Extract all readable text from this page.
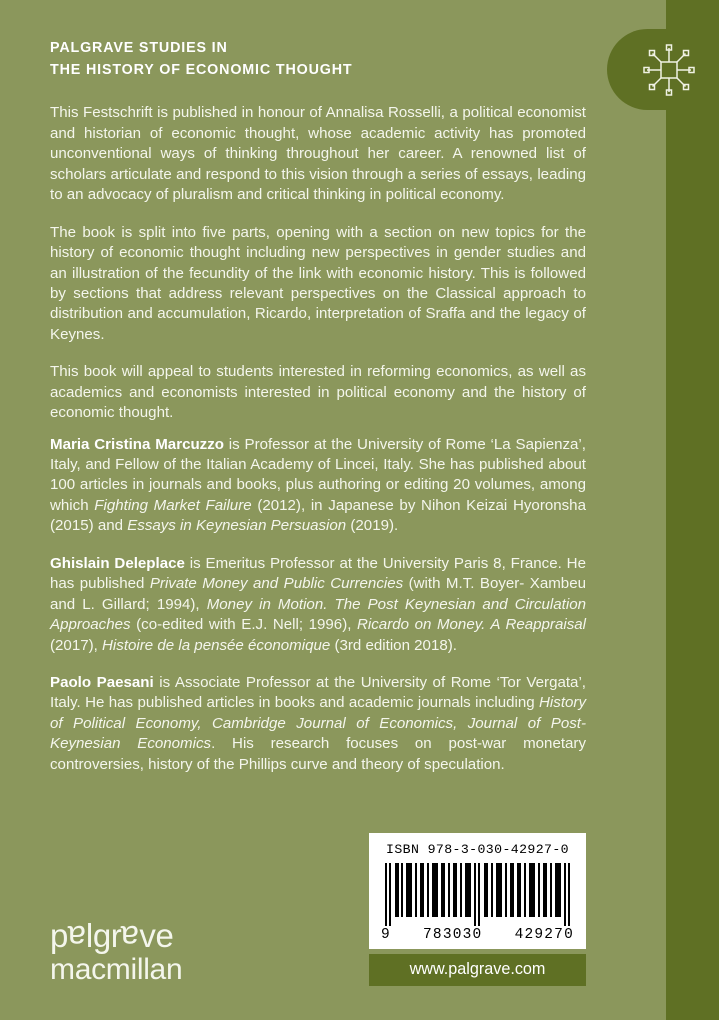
PALGRAVE STUDIES IN
THE HISTORY OF ECONOMIC THOUGHT

This Festschrift is published in honour of Annalisa Rosselli, a political economist and historian of economic thought, whose academic activity has promoted unconventional ways of thinking throughout her career. A renowned list of scholars articulate and respond to this vision through a series of essays, leading to an advocacy of pluralism and critical thinking in political economy.

The book is split into five parts, opening with a section on new topics for the history of economic thought including new perspectives in gender studies and an illustration of the fecundity of the link with economic history. This is followed by sections that address relevant perspectives on the Classical approach to distribution and accumulation, Ricardo, interpretation of Sraffa and the legacy of Keynes.

This book will appeal to students interested in reforming economics, as well as academics and economists interested in political economy and the history of economic thought.

Maria Cristina Marcuzzo is Professor at the University of Rome ‘La Sapienza’, Italy, and Fellow of the Italian Academy of Lincei, Italy. She has published about 100 articles in journals and books, plus authoring or editing 20 volumes, among which Fighting Market Failure (2012), in Japanese by Nihon Keizai Hyoronsha (2015) and Essays in Keynesian Persuasion (2019).

Ghislain Deleplace is Emeritus Professor at the University Paris 8, France. He has published Private Money and Public Currencies (with M.T. Boyer- Xambeu and L. Gillard; 1994), Money in Motion. The Post Keynesian and Circulation Approaches (co-edited with E.J. Nell; 1996), Ricardo on Money. A Reappraisal (2017), Histoire de la pensée économique (3rd edition 2018).

Paolo Paesani is Associate Professor at the University of Rome ‘Tor Vergata’, Italy. He has published articles in books and academic journals including History of Political Economy, Cambridge Journal of Economics, Journal of Post-Keynesian Economics. His research focuses on post-war monetary controversies, history of the Phillips curve and theory of speculation.

palgrave
macmillan
ISBN 978-3-030-42927-0
9 783030 429270
www.palgrave.com
